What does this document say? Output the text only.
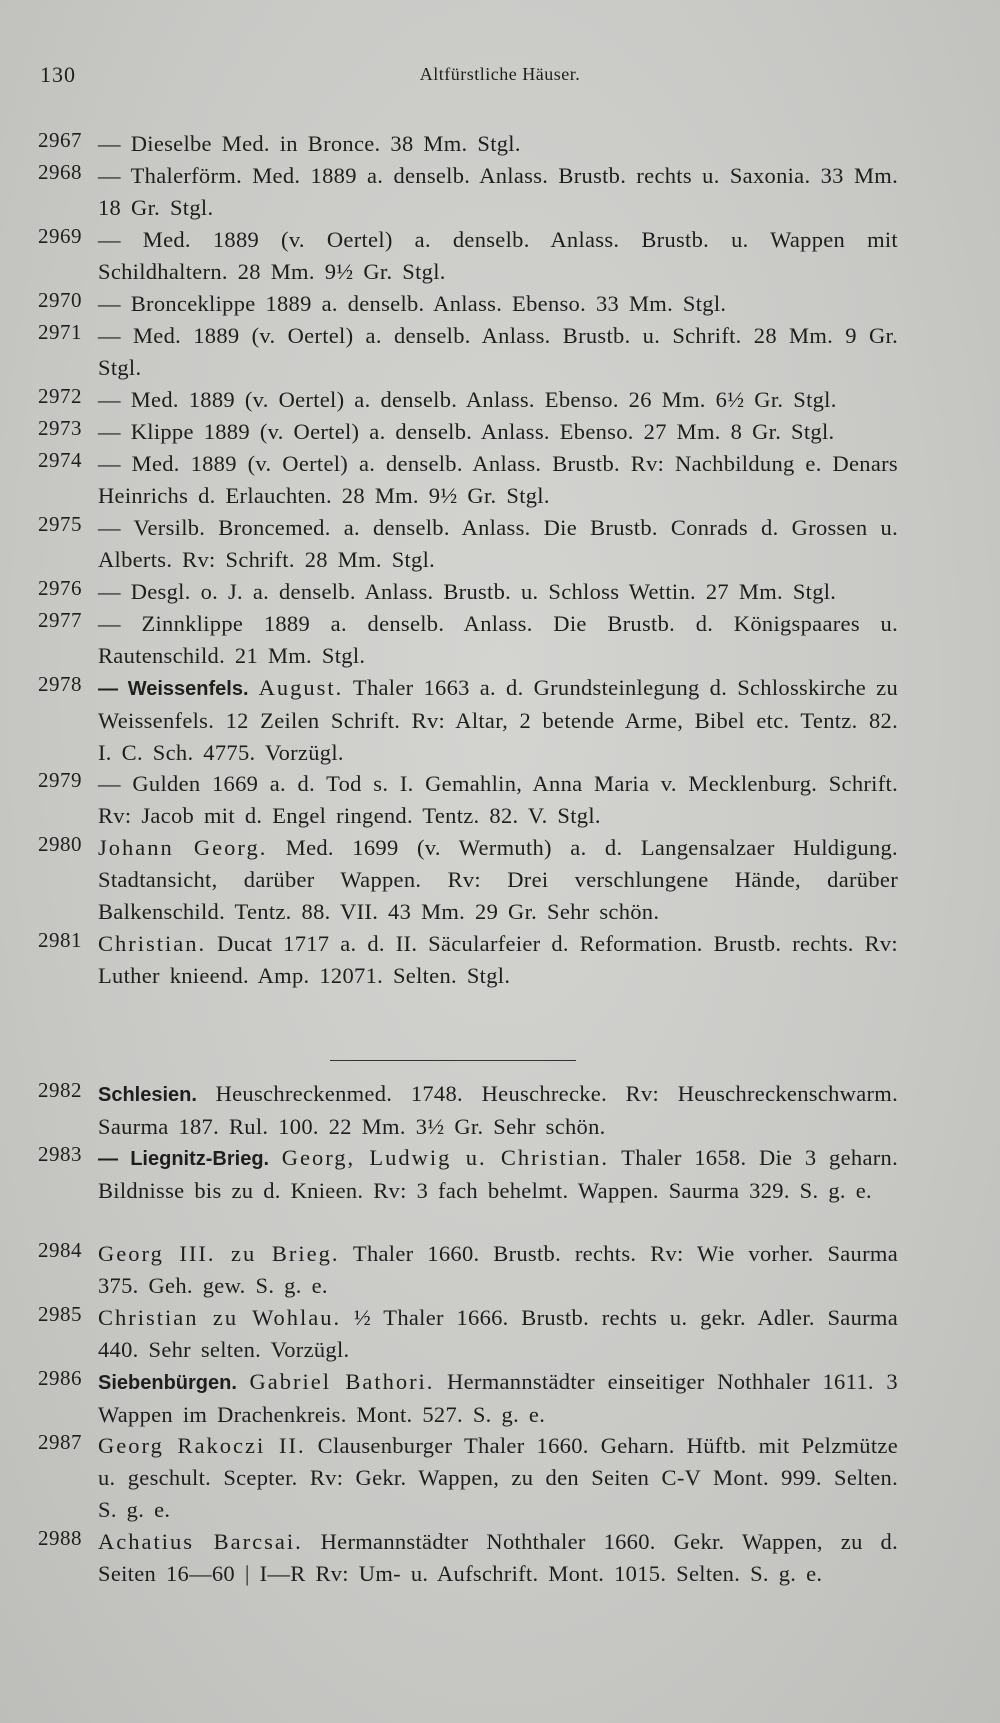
130	Altfürstliche Häuser.
2967 — Dieselbe Med. in Bronce. 38 Mm. Stgl.
2968 — Thalerförm. Med. 1889 a. denselb. Anlass. Brustb. rechts u. Saxonia. 33 Mm. 18 Gr. Stgl.
2969 — Med. 1889 (v. Oertel) a. denselb. Anlass. Brustb. u. Wappen mit Schildhaltern. 28 Mm. 9½ Gr. Stgl.
2970 — Bronceklippe 1889 a. denselb. Anlass. Ebenso. 33 Mm. Stgl.
2971 — Med. 1889 (v. Oertel) a. denselb. Anlass. Brustb. u. Schrift. 28 Mm. 9 Gr. Stgl.
2972 — Med. 1889 (v. Oertel) a. denselb. Anlass. Ebenso. 26 Mm. 6½ Gr. Stgl.
2973 — Klippe 1889 (v. Oertel) a. denselb. Anlass. Ebenso. 27 Mm. 8 Gr. Stgl.
2974 — Med. 1889 (v. Oertel) a. denselb. Anlass. Brustb. Rv: Nachbildung e. Denars Heinrichs d. Erlauchten. 28 Mm. 9½ Gr. Stgl.
2975 — Versilb. Broncemed. a. denselb. Anlass. Die Brustb. Conrads d. Grossen u. Alberts. Rv: Schrift. 28 Mm. Stgl.
2976 — Desgl. o. J. a. denselb. Anlass. Brustb. u. Schloss Wettin. 27 Mm. Stgl.
2977 — Zinnklippe 1889 a. denselb. Anlass. Die Brustb. d. Königspaares u. Rautenschild. 21 Mm. Stgl.
2978 — Weissenfels. August. Thaler 1663 a. d. Grundsteinlegung d. Schlosskirche zu Weissenfels. 12 Zeilen Schrift. Rv: Altar, 2 betende Arme, Bibel etc. Tentz. 82. I. C. Sch. 4775. Vorzügl.
2979 — Gulden 1669 a. d. Tod s. I. Gemahlin, Anna Maria v. Mecklenburg. Schrift. Rv: Jacob mit d. Engel ringend. Tentz. 82. V. Stgl.
2980 Johann Georg. Med. 1699 (v. Wermuth) a. d. Langensalzaer Huldigung. Stadtansicht, darüber Wappen. Rv: Drei verschlungene Hände, darüber Balkenschild. Tentz. 88. VII. 43 Mm. 29 Gr. Sehr schön.
2981 Christian. Ducat 1717 a. d. II. Säcularfeier d. Reformation. Brustb. rechts. Rv: Luther knieend. Amp. 12071. Selten. Stgl.
2982 Schlesien. Heuschreckenmed. 1748. Heuschrecke. Rv: Heuschreckenschwarm. Saurma 187. Rul. 100. 22 Mm. 3½ Gr. Sehr schön.
2983 — Liegnitz-Brieg. Georg, Ludwig u. Christian. Thaler 1658. Die 3 geharn. Bildnisse bis zu d. Knieen. Rv: 3 fach behelmt. Wappen. Saurma 329. S. g. e.
2984 Georg III. zu Brieg. Thaler 1660. Brustb. rechts. Rv: Wie vorher. Saurma 375. Geh. gew. S. g. e.
2985 Christian zu Wohlau. ½ Thaler 1666. Brustb. rechts u. gekr. Adler. Saurma 440. Sehr selten. Vorzügl.
2986 Siebenbürgen. Gabriel Bathori. Hermannstädter einseitiger Nothhaler 1611. 3 Wappen im Drachenkreis. Mont. 527. S. g. e.
2987 Georg Rakoczi II. Clausenburger Thaler 1660. Geharn. Hüftb. mit Pelzmütze u. geschult. Scepter. Rv: Gekr. Wappen, zu den Seiten C-V Mont. 999. Selten. S. g. e.
2988 Achatius Barcsai. Hermannstädter Noththaler 1660. Gekr. Wappen, zu d. Seiten 16—60 | I—R Rv: Um- u. Aufschrift. Mont. 1015. Selten. S. g. e.
